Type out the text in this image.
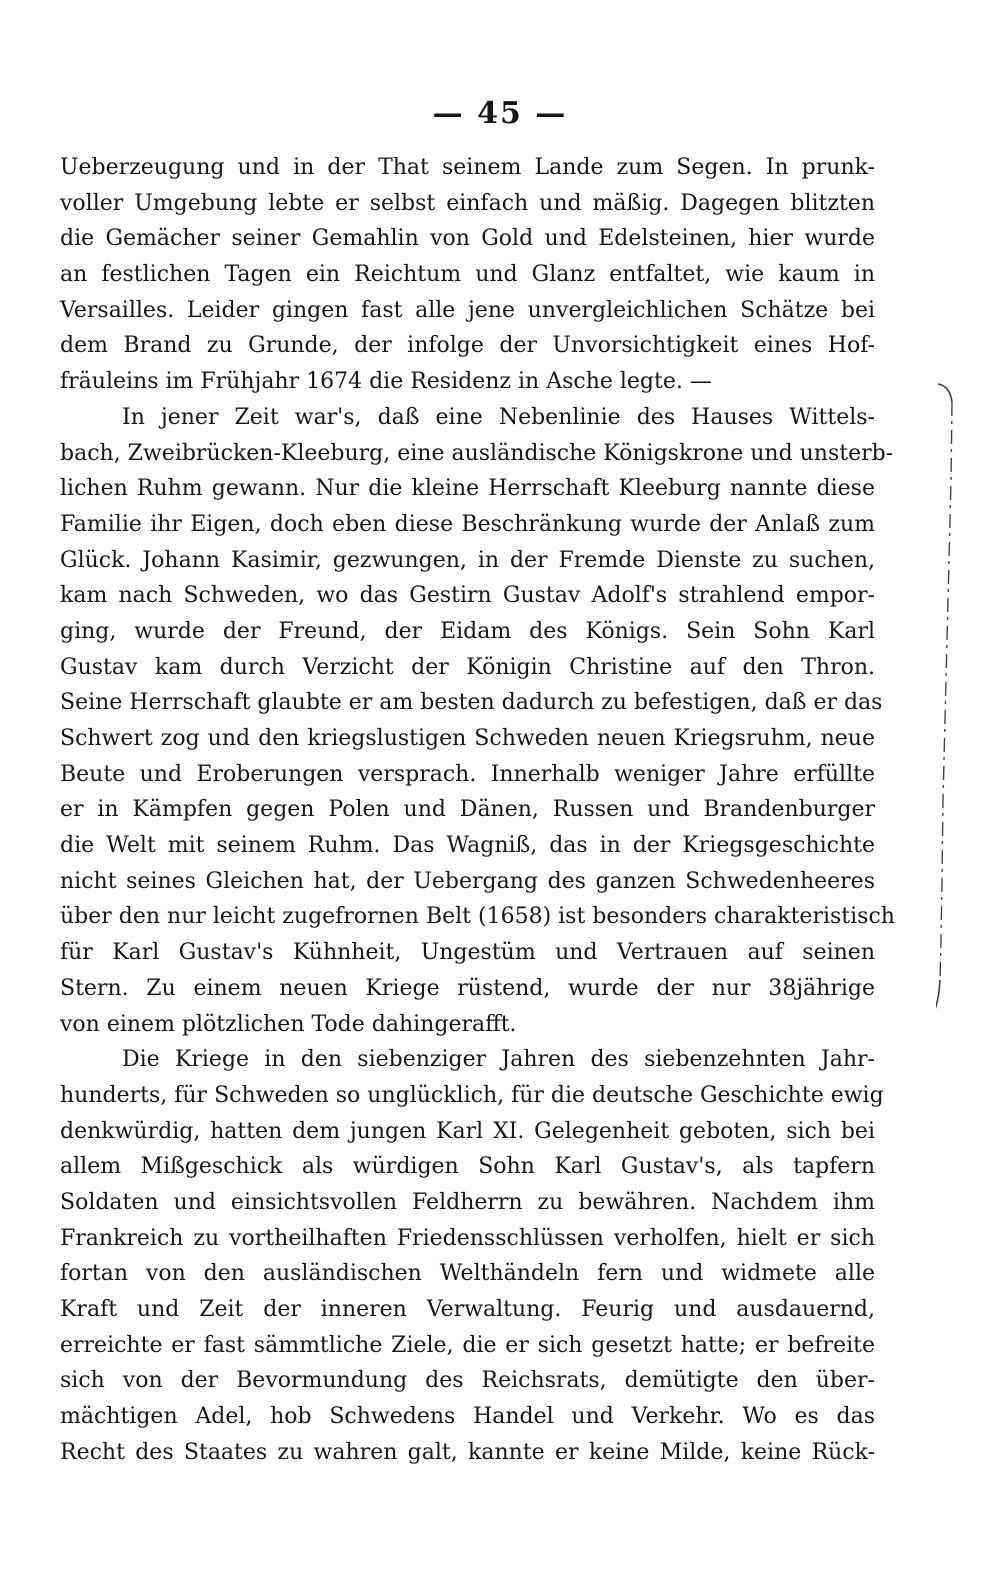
— 45 —
Ueberzeugung und in der That seinem Lande zum Segen. In prunk-
voller Umgebung lebte er selbst einfach und mäßig. Dagegen blitzten
die Gemächer seiner Gemahlin von Gold und Edelsteinen, hier wurde
an festlichen Tagen ein Reichtum und Glanz entfaltet, wie kaum in
Versailles. Leider gingen fast alle jene unvergleichlichen Schätze bei
dem Brand zu Grunde, der infolge der Unvorsichtigkeit eines Hof-
fräuleins im Frühjahr 1674 die Residenz in Asche legte. —
In jener Zeit war's, daß eine Nebenlinie des Hauses Wittels-
bach, Zweibrücken-Kleeburg, eine ausländische Königskrone und unsterb-
lichen Ruhm gewann. Nur die kleine Herrschaft Kleeburg nannte diese
Familie ihr Eigen, doch eben diese Beschränkung wurde der Anlaß zum
Glück. Johann Kasimir, gezwungen, in der Fremde Dienste zu suchen,
kam nach Schweden, wo das Gestirn Gustav Adolf's strahlend empor-
ging, wurde der Freund, der Eidam des Königs. Sein Sohn Karl
Gustav kam durch Verzicht der Königin Christine auf den Thron.
Seine Herrschaft glaubte er am besten dadurch zu befestigen, daß er das
Schwert zog und den kriegslustigen Schweden neuen Kriegsruhm, neue
Beute und Eroberungen versprach. Innerhalb weniger Jahre erfüllte
er in Kämpfen gegen Polen und Dänen, Russen und Brandenburger
die Welt mit seinem Ruhm. Das Wagniß, das in der Kriegsgeschichte
nicht seines Gleichen hat, der Uebergang des ganzen Schwedenheeres
über den nur leicht zugefrornen Belt (1658) ist besonders charakteristisch
für Karl Gustav's Kühnheit, Ungestüm und Vertrauen auf seinen
Stern. Zu einem neuen Kriege rüstend, wurde der nur 38jährige
von einem plötzlichen Tode dahingerafft.
Die Kriege in den siebenziger Jahren des siebenzehnten Jahr-
hunderts, für Schweden so unglücklich, für die deutsche Geschichte ewig
denkwürdig, hatten dem jungen Karl XI. Gelegenheit geboten, sich bei
allem Mißgeschick als würdigen Sohn Karl Gustav's, als tapfern
Soldaten und einsichtsvollen Feldherrn zu bewähren. Nachdem ihm
Frankreich zu vortheilhaften Friedensschlüssen verholfen, hielt er sich
fortan von den ausländischen Welthändeln fern und widmete alle
Kraft und Zeit der inneren Verwaltung. Feurig und ausdauernd,
erreichte er fast sämmtliche Ziele, die er sich gesetzt hatte; er befreite
sich von der Bevormundung des Reichsrats, demütigte den über-
mächtigen Adel, hob Schwedens Handel und Verkehr. Wo es das
Recht des Staates zu wahren galt, kannte er keine Milde, keine Rück-
